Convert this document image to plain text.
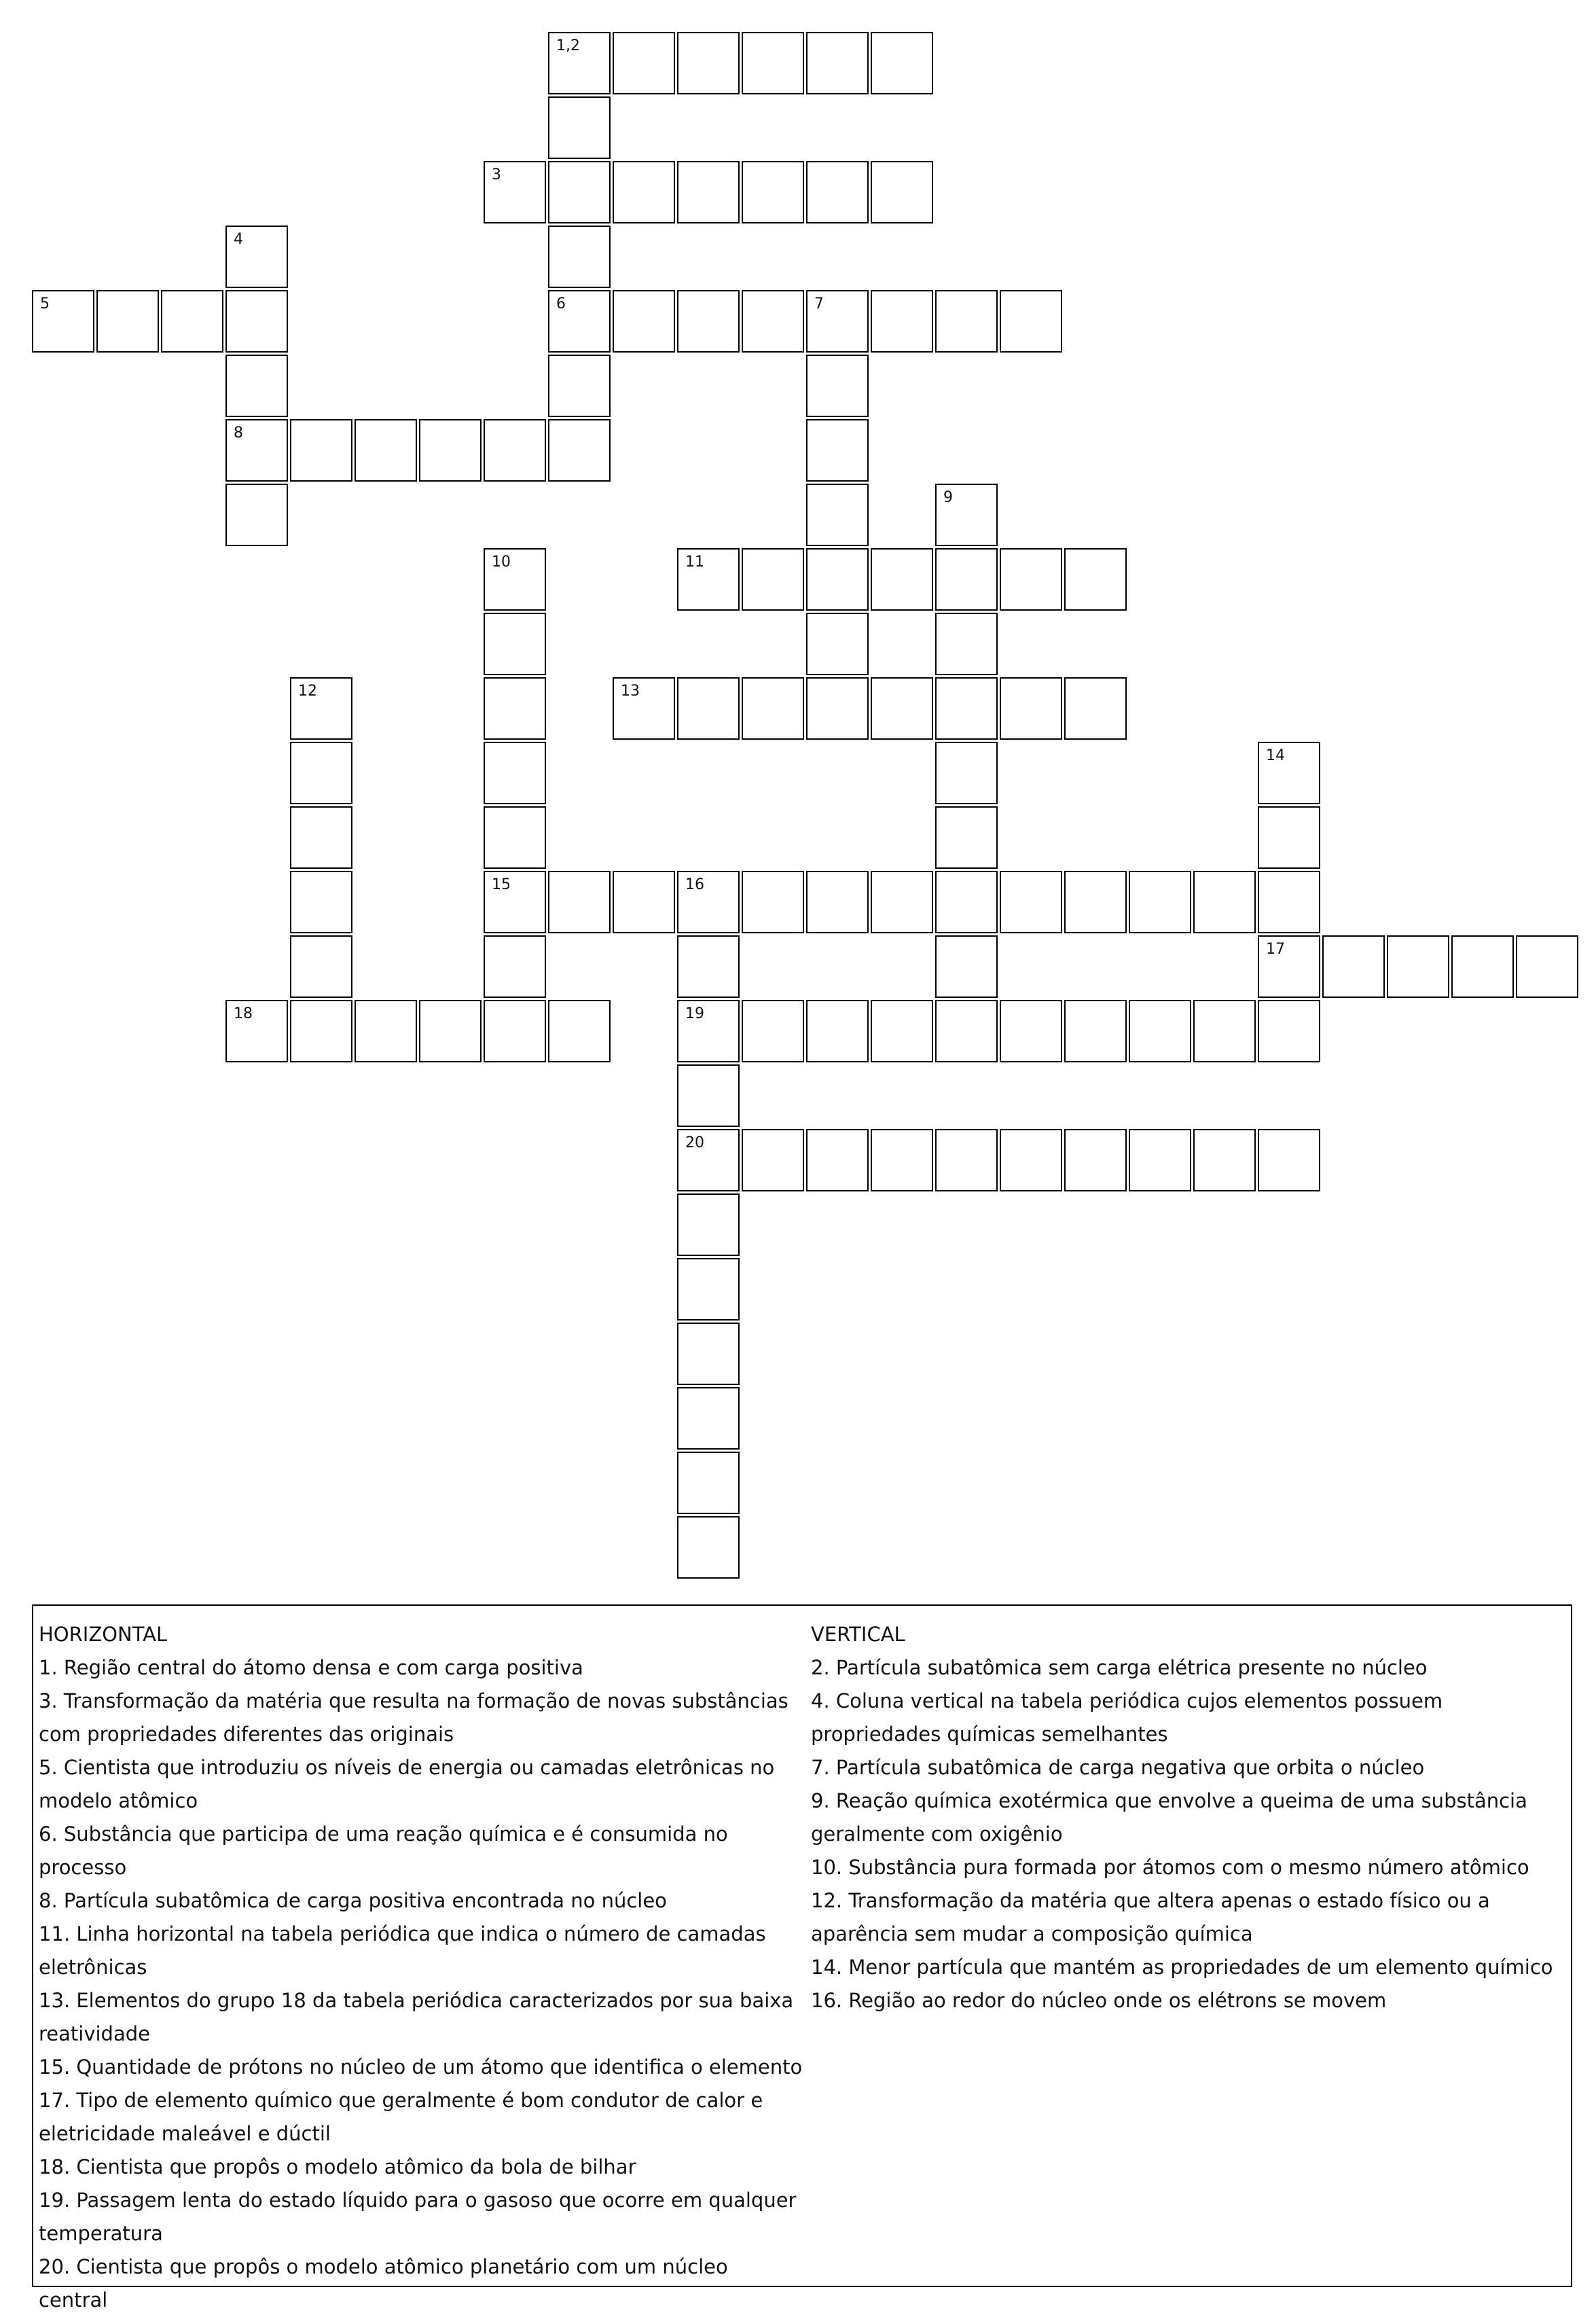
1,2
6
3
4
8
5	7
9
10
15
11
12	13
14
17
16
19
20
18
HORIZONTAL
1. Região central do átomo densa e com carga positiva
3. Transformação da matéria que resulta na formação de novas substâncias com propriedades diferentes das originais
5. Cientista que introduziu os níveis de energia ou camadas eletrônicas no modelo atômico
6. Substância que participa de uma reação química e é consumida no processo
8. Partícula subatômica de carga positiva encontrada no núcleo
11. Linha horizontal na tabela periódica que indica o número de camadas eletrônicas
13. Elementos do grupo 18 da tabela periódica caracterizados por sua baixa reatividade
15. Quantidade de prótons no núcleo de um átomo que identifica o elemento
17. Tipo de elemento químico que geralmente é bom condutor de calor e eletricidade maleável e dúctil
18. Cientista que propôs o modelo atômico da bola de bilhar
19. Passagem lenta do estado líquido para o gasoso que ocorre em qualquer temperatura
20. Cientista que propôs o modelo atômico planetário com um núcleo central
VERTICAL
2. Partícula subatômica sem carga elétrica presente no núcleo
4. Coluna vertical na tabela periódica cujos elementos possuem propriedades químicas semelhantes
7. Partícula subatômica de carga negativa que orbita o núcleo
9. Reação química exotérmica que envolve a queima de uma substância geralmente com oxigênio
10. Substância pura formada por átomos com o mesmo número atômico
12. Transformação da matéria que altera apenas o estado físico ou a aparência sem mudar a composição química
14. Menor partícula que mantém as propriedades de um elemento químico
16. Região ao redor do núcleo onde os elétrons se movem
